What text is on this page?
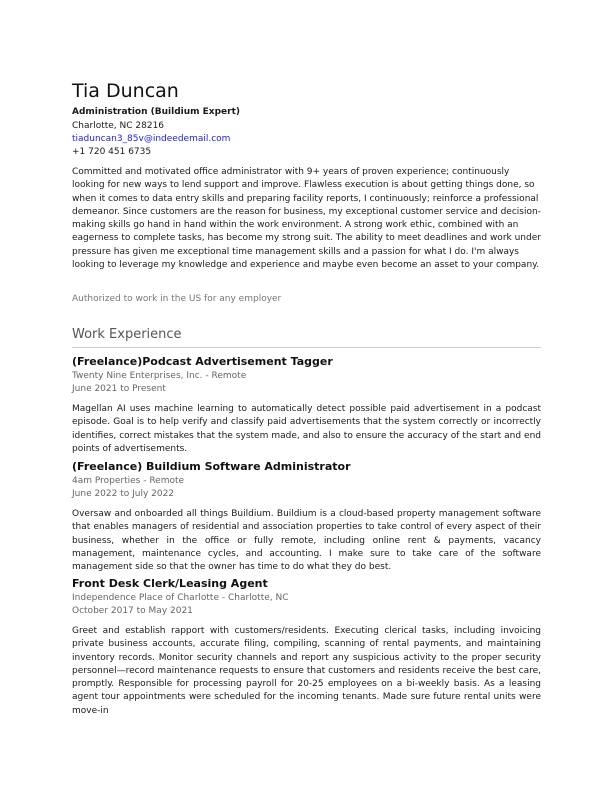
Tia Duncan
Administration (Buildium Expert)
Charlotte, NC 28216
tiaduncan3_85v@indeedemail.com
+1 720 451 6735
Committed and motivated office administrator with 9+ years of proven experience; continuously looking for new ways to lend support and improve. Flawless execution is about getting things done, so when it comes to data entry skills and preparing facility reports, I continuously; reinforce a professional demeanor. Since customers are the reason for business, my exceptional customer service and decision-making skills go hand in hand within the work environment. A strong work ethic, combined with an eagerness to complete tasks, has become my strong suit. The ability to meet deadlines and work under pressure has given me exceptional time management skills and a passion for what I do. I'm always looking to leverage my knowledge and experience and maybe even become an asset to your company.
Authorized to work in the US for any employer
Work Experience
(Freelance)Podcast Advertisement Tagger
Twenty Nine Enterprises, Inc. - Remote
June 2021 to Present
Magellan AI uses machine learning to automatically detect possible paid advertisement in a podcast episode. Goal is to help verify and classify paid advertisements that the system correctly or incorrectly identifies, correct mistakes that the system made, and also to ensure the accuracy of the start and end points of advertisements.
(Freelance) Buildium Software Administrator
4am Properties - Remote
June 2022 to July 2022
Oversaw and onboarded all things Buildium. Buildium is a cloud-based property management software that enables managers of residential and association properties to take control of every aspect of their business, whether in the office or fully remote, including online rent & payments, vacancy management, maintenance cycles, and accounting. I make sure to take care of the software management side so that the owner has time to do what they do best.
Front Desk Clerk/Leasing Agent
Independence Place of Charlotte - Charlotte, NC
October 2017 to May 2021
Greet and establish rapport with customers/residents. Executing clerical tasks, including invoicing private business accounts, accurate filing, compiling, scanning of rental payments, and maintaining inventory records. Monitor security channels and report any suspicious activity to the proper security personnel—record maintenance requests to ensure that customers and residents receive the best care, promptly. Responsible for processing payroll for 20-25 employees on a bi-weekly basis. As a leasing agent tour appointments were scheduled for the incoming tenants. Made sure future rental units were move-in
